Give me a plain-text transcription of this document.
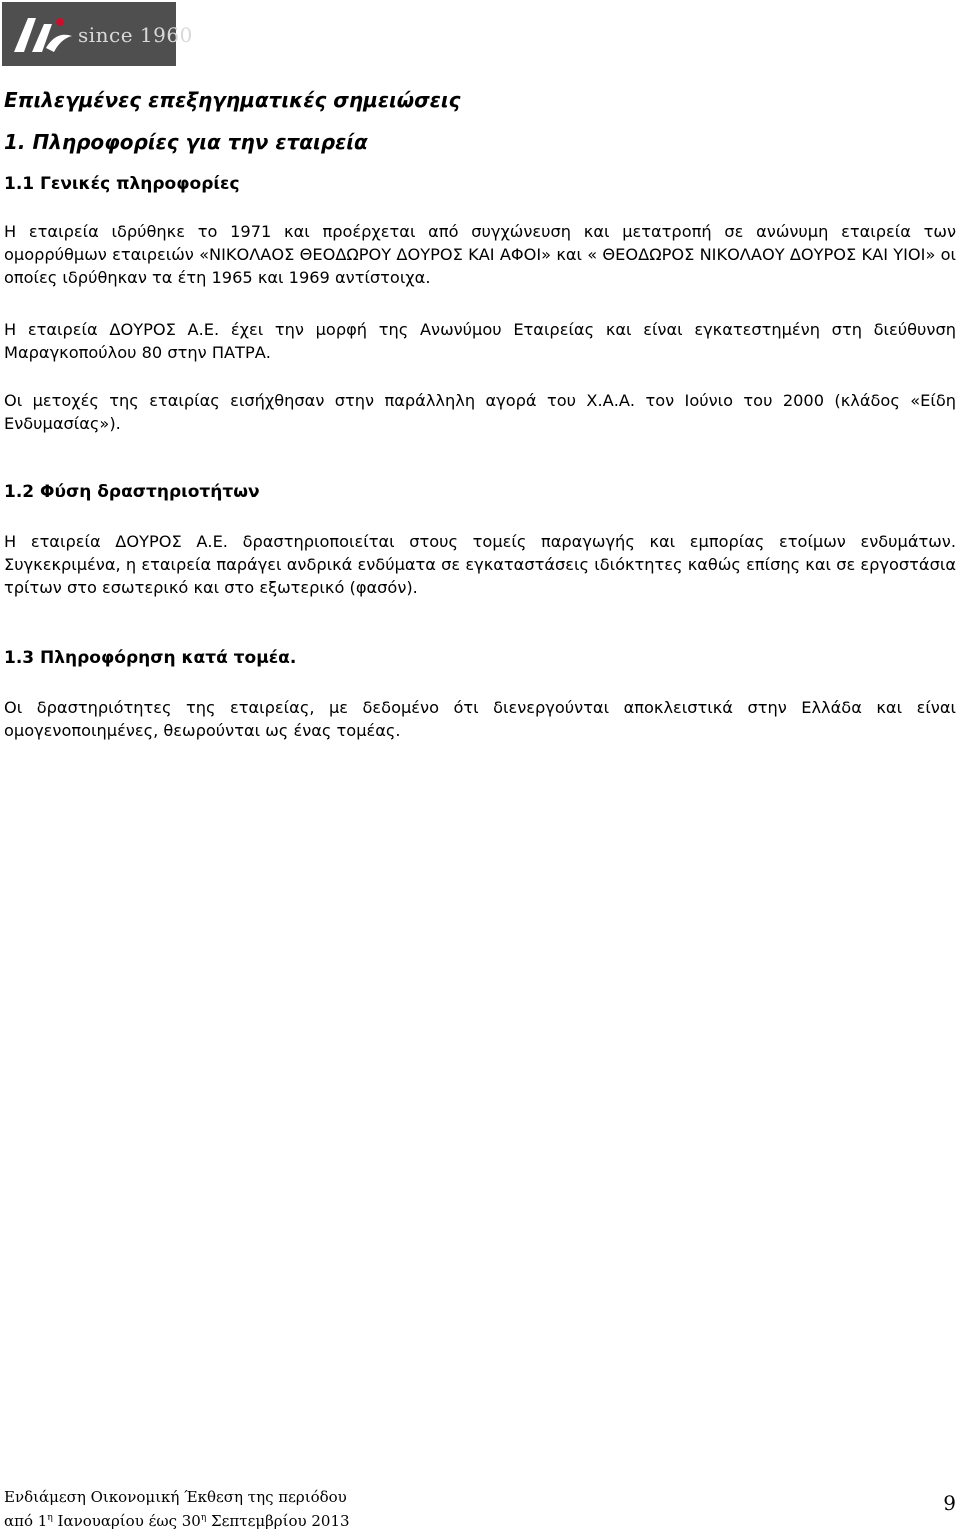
since 1960
Επιλεγμένες επεξηγηματικές σημειώσεις
1. Πληροφορίες για την εταιρεία
1.1 Γενικές πληροφορίες

Η εταιρεία ιδρύθηκε το 1971 και προέρχεται από συγχώνευση και μετατροπή σε ανώνυμη εταιρεία των ομορρύθμων εταιρειών «ΝΙΚΟΛΑΟΣ ΘΕΟΔΩΡΟΥ ΔΟΥΡΟΣ ΚΑΙ ΑΦΟΙ» και « ΘΕΟΔΩΡΟΣ ΝΙΚΟΛΑΟΥ ΔΟΥΡΟΣ ΚΑΙ ΥΙΟΙ» οι οποίες ιδρύθηκαν τα έτη 1965 και 1969 αντίστοιχα.

Η εταιρεία ΔΟΥΡΟΣ Α.Ε. έχει την μορφή της Ανωνύμου Εταιρείας και είναι εγκατεστημένη στη διεύθυνση Μαραγκοπούλου 80 στην ΠΑΤΡΑ.

Οι μετοχές της εταιρίας εισήχθησαν στην παράλληλη αγορά του Χ.Α.Α. τον Ιούνιο του 2000 (κλάδος «Είδη Ενδυμασίας»).

1.2 Φύση δραστηριοτήτων

Η εταιρεία ΔΟΥΡΟΣ Α.Ε. δραστηριοποιείται στους τομείς παραγωγής και εμπορίας ετοίμων ενδυμάτων. Συγκεκριμένα, η εταιρεία παράγει ανδρικά ενδύματα σε εγκαταστάσεις ιδιόκτητες καθώς επίσης και σε εργοστάσια τρίτων στο εσωτερικό και στο εξωτερικό (φασόν).

1.3 Πληροφόρηση κατά τομέα.

Οι δραστηριότητες της εταιρείας, με δεδομένο ότι διενεργούνται αποκλειστικά στην Ελλάδα και είναι ομογενοποιημένες, θεωρούνται ως ένας τομέας.

Ενδιάμεση Οικονομική Έκθεση της περιόδου
από $1^\eta$ Ιανουαρίου έως $30^\eta$ Σεπτεμβρίου 2013
9
